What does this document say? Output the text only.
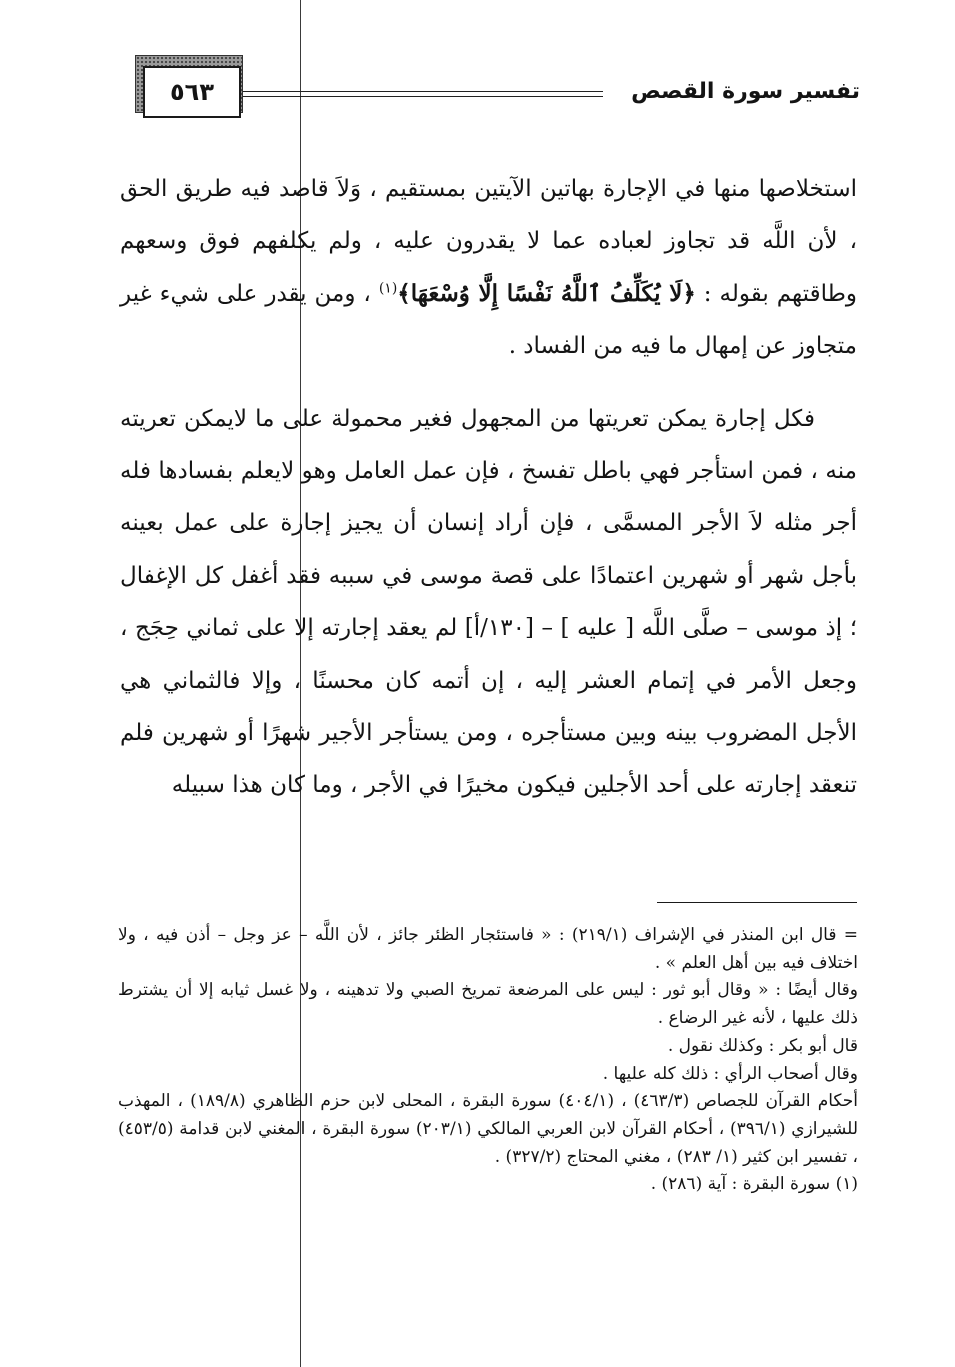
٥٦٣	تفسير سورة القصص

استخلاصها منها في الإجارة بهاتين الآيتين بمستقيم ، وَلاَ قاصد فيه طريق الحق ، لأن اللَّه قد تجاوز لعباده عما لا يقدرون عليه ، ولم يكلفهم فوق وسعهم وطاقتهم بقوله : ﴿لَا يُكَلِّفُ ٱللَّهُ نَفْسًا إِلَّا وُسْعَهَا﴾$^{(١)}$ ، ومن يقدر على شيء غير متجاوز عن إمهال ما فيه من الفساد .

فكل إجارة يمكن تعريتها من المجهول فغير محمولة على ما لايمكن تعريته منه ، فمن استأجر فهي باطل تفسخ ، فإن عمل العامل وهو لايعلم بفسادها فله أجر مثله لاَ الأجر المسمَّى ، فإن أراد إنسان أن يجيز إجارة على عمل بعينه بأجل شهر أو شهرين اعتمادًا على قصة موسى في سببه فقد أغفل كل الإغفال ؛ إذ موسى – صلَّى اللَّه [ عليه ] – [١٣٠/أ] لم يعقد إجارته إلا على ثماني حِجَج ، وجعل الأمر في إتمام العشر إليه ، إن أتمه كان محسنًا ، وإلا فالثماني هي الأجل المضروب بينه وبين مستأجره ، ومن يستأجر الأجير شهرًا أو شهرين فلم تنعقد إجارته على أحد الأجلين فيكون مخيرًا في الأجر ، وما كان هذا سبيله

= قال ابن المنذر في الإشراف (٢١٩/١) : « فاستئجار الظئر جائز ، لأن اللَّه – عز وجل – أذن فيه ، ولا اختلاف فيه بين أهل العلم » .

وقال أيضًا : « وقال أبو ثور : ليس على المرضعة تمريخ الصبي ولا تدهينه ، ولا غسل ثيابه إلا أن يشترط ذلك عليها ، لأنه غير الرضاع .

قال أبو بكر : وكذلك نقول .

وقال أصحاب الرأي : ذلك كله عليها .

أحكام القرآن للجصاص (٤٦٣/٣) ، (٤٠٤/١) سورة البقرة ، المحلى لابن حزم الظاهري (١٨٩/٨) ، المهذب للشيرازي (٣٩٦/١) ، أحكام القرآن لابن العربي المالكي (٢٠٣/١) سورة البقرة ، المغني لابن قدامة (٤٥٣/٥) ، تفسير ابن كثير (١/ ٢٨٣) ، مغني المحتاج (٣٢٧/٢) .

(١) سورة البقرة : آية (٢٨٦) .
